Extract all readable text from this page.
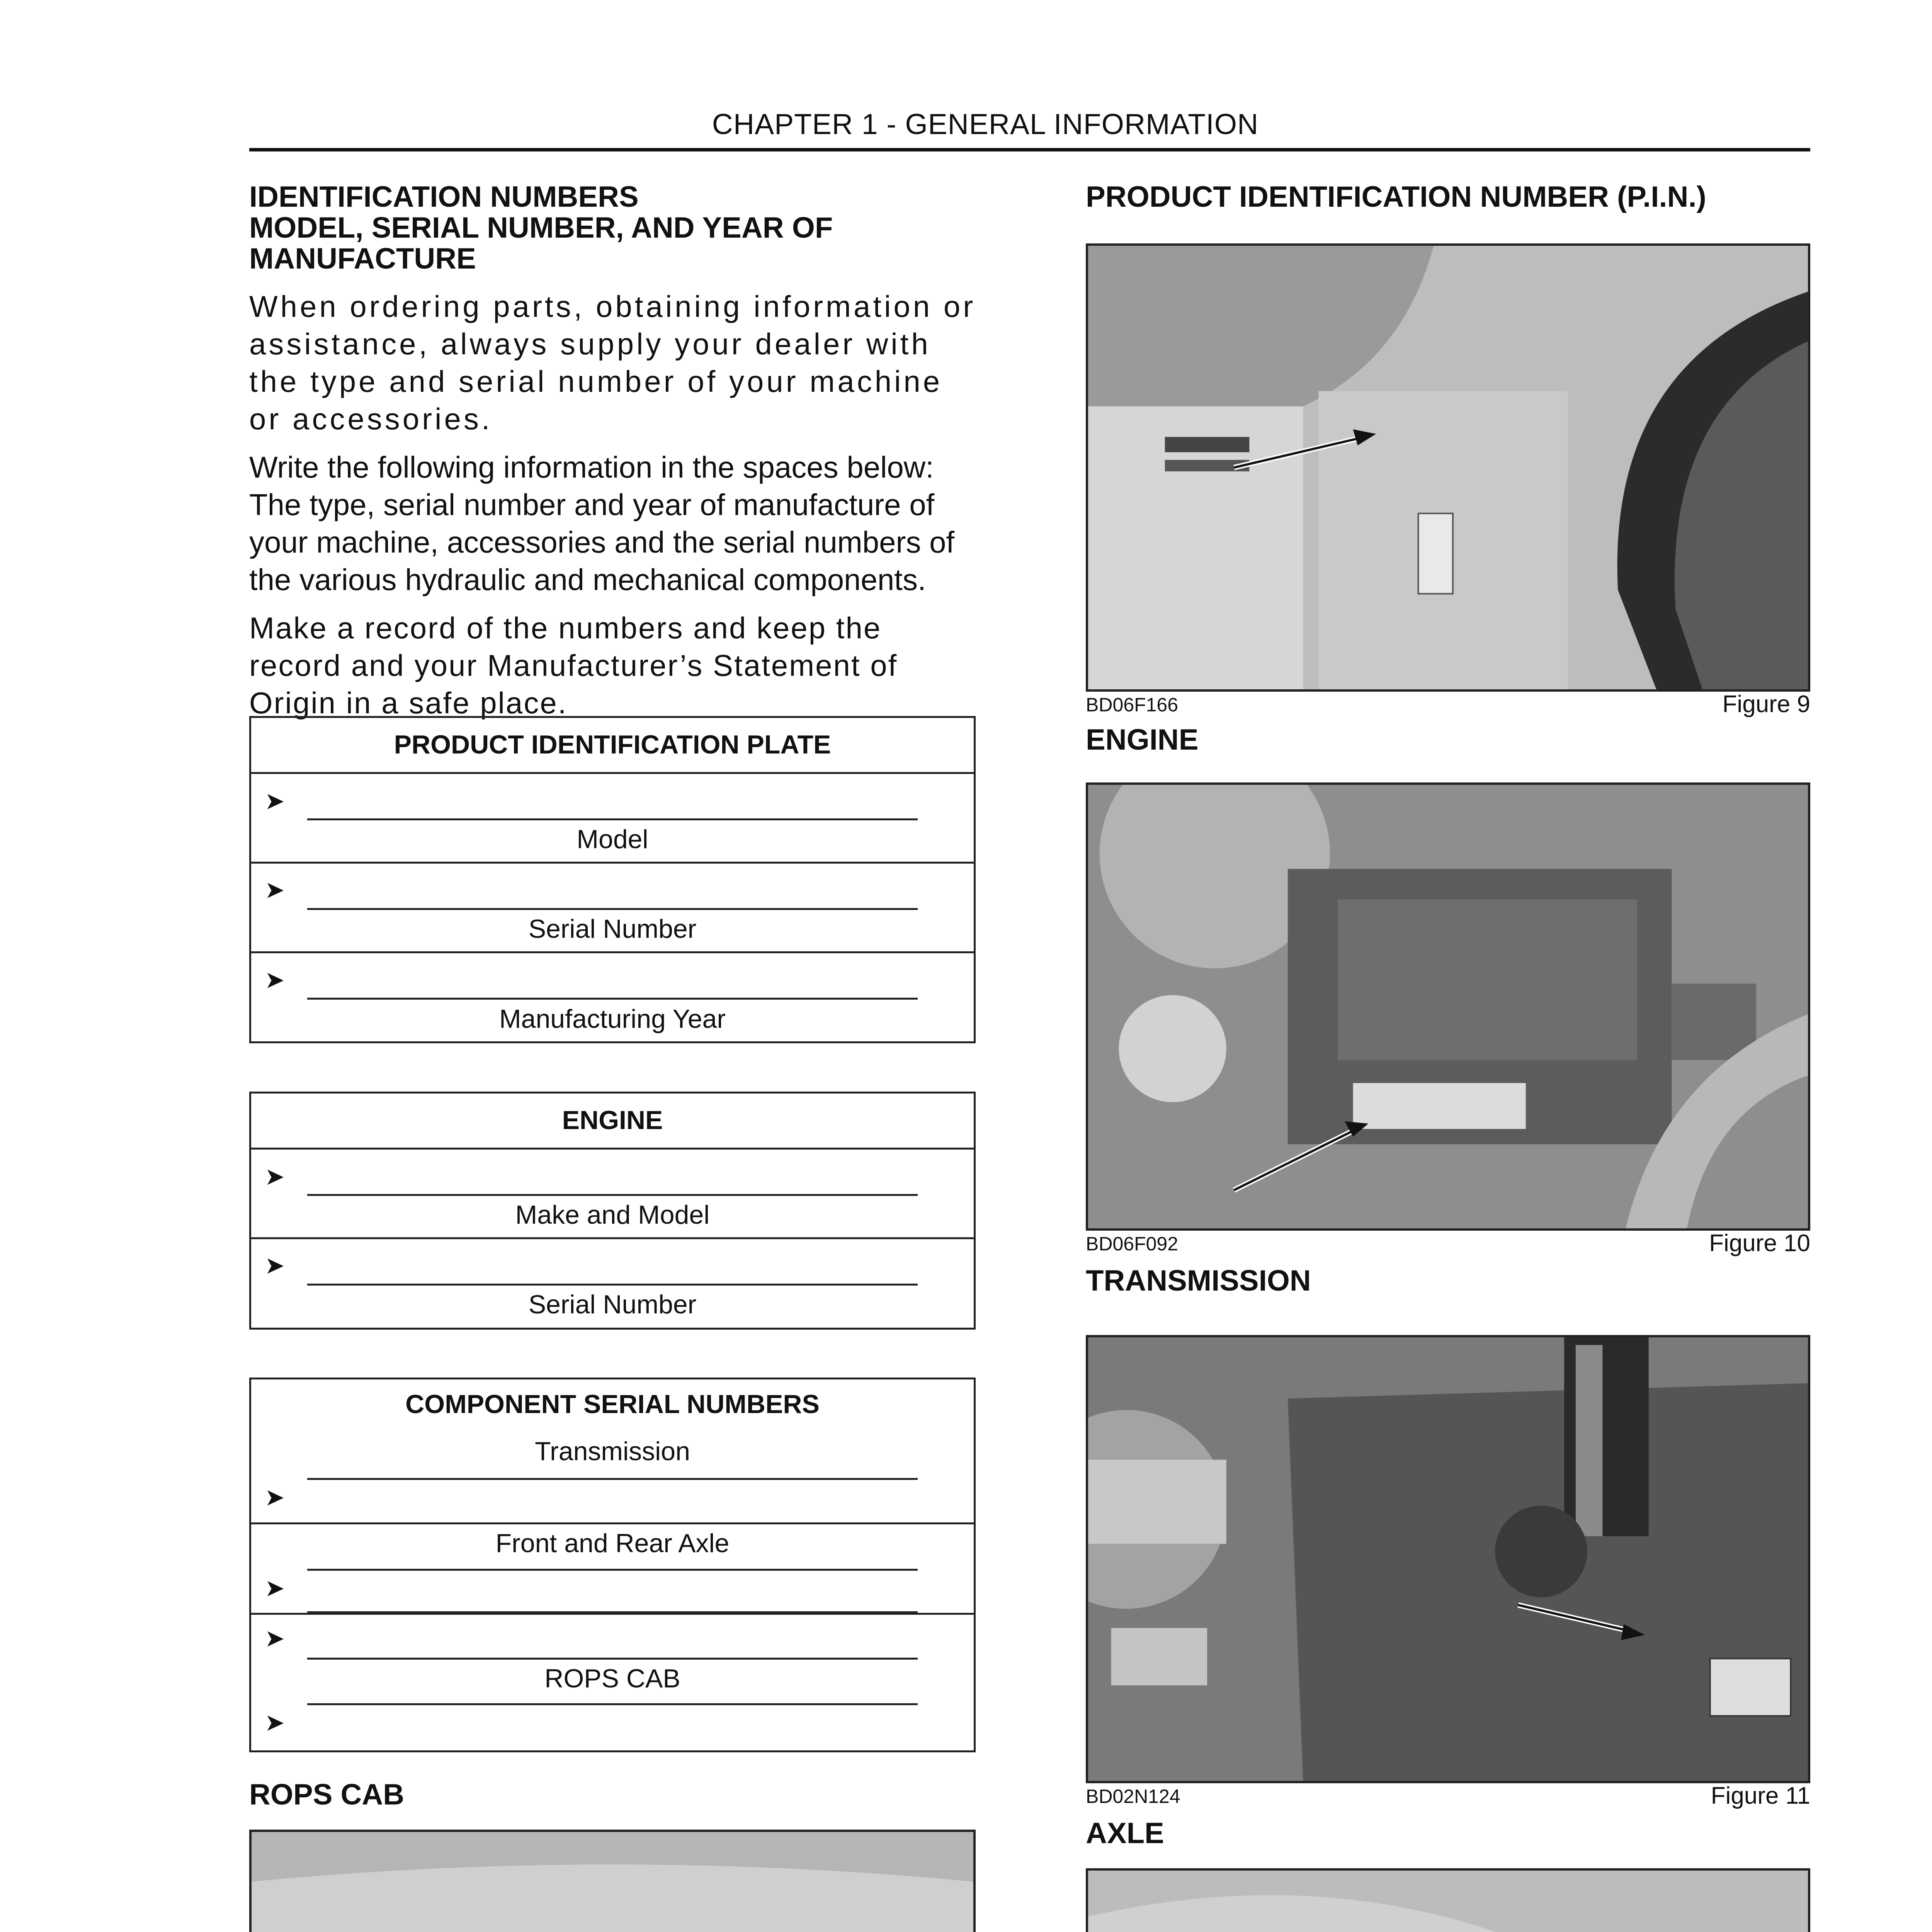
CHAPTER 1 - GENERAL INFORMATION

IDENTIFICATION NUMBERS

MODEL, SERIAL NUMBER, AND YEAR OF

MANUFACTURE

When ordering parts, obtaining information or assistance, always supply your dealer with the type and serial number of your machine or accessories.

Write the following information in the spaces below: The type, serial number and year of manufacture of your machine, accessories and the serial numbers of the various hydraulic and mechanical components.

Make a record of the numbers and keep the record and your Manufacturer’s Statement of Origin in a safe place.

PRODUCT IDENTIFICATION PLATE
➤
Model
➤
Serial Number
➤
Manufacturing Year
ENGINE
➤
Make and Model
➤
Serial Number
COMPONENT SERIAL NUMBERS
Transmission
➤
Front and Rear Axle
➤
➤
ROPS CAB
➤
ROPS CAB
PRODUCT IDENTIFICATION NUMBER (P.I.N.)
BD06F166	Figure 9
ENGINE
BD06F092	Figure 10
TRANSMISSION
BD02N124	Figure 11
AXLE
